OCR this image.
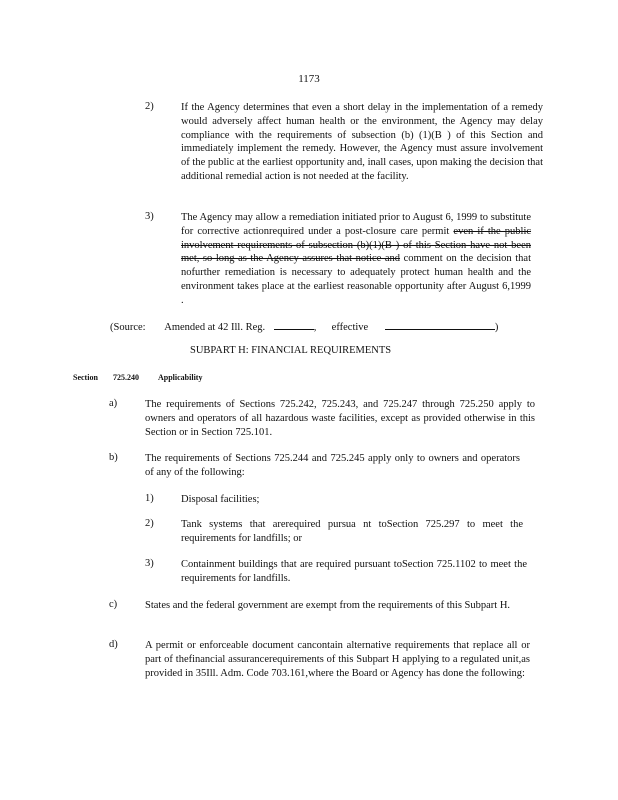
1173
2)	If the Agency determines that even a short delay in the implementation of a remedy would adversely affect human health or the environment, the Agency may delay compliance with the requirements of subsection (b) (1)(B ) of this Section and immediately implement the remedy. However, the Agency must assure involvement of the public at the earliest opportunity and, inall cases, upon making the decision that additional remedial action is not needed at the facility.
3)	The Agency may allow a remediation initiated prior to August 6, 1999 to substitute for corrective actionrequired under a post-closure care permit even if the public involvement requirements of subsection (b)(1)(B ) of this Section have not been met, so long as the Agency assures that notice and comment on the decision that nofurther remediation is necessary to adequately protect human health and the environment takes place at the earliest reasonable opportunity after August 6,1999 .
(Source: Amended at 42 Ill. Reg.	, effective	)
SUBPART H: FINANCIAL REQUIREMENTS
Section 725.240 Applicability
a)	The requirements of Sections 725.242, 725.243, and 725.247 through 725.250 apply to owners and operators of all hazardous waste facilities, except as provided otherwise in this Section or in Section 725.101.
b)	The requirements of Sections 725.244 and 725.245 apply only to owners and operators of any of the following:
1)	Disposal facilities;
2)	Tank systems that arerequired pursua nt toSection 725.297 to meet the requirements for landfills; or
3)	Containment buildings that are required pursuant toSection 725.1102 to meet the requirements for landfills.
c)	States and the federal government are exempt from the requirements of this Subpart H.
d)	A permit or enforceable document cancontain alternative requirements that replace all or part of thefinancial assurancerequirements of this Subpart H applying to a regulated unit,as provided in 35Ill. Adm. Code 703.161,where the Board or Agency has done the following:
